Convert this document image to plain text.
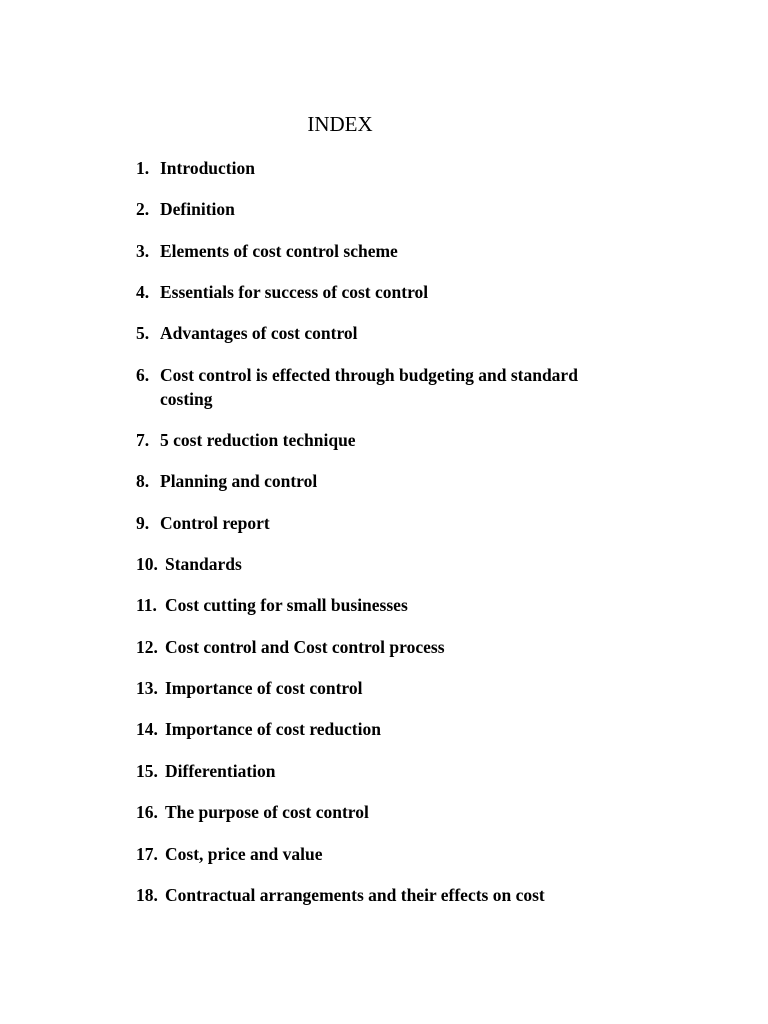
INDEX
1. Introduction
2. Definition
3. Elements of cost control scheme
4. Essentials for success of cost control
5. Advantages of cost control
6. Cost control is effected through budgeting and standard costing
7. 5 cost reduction technique
8. Planning and control
9. Control report
10. Standards
11. Cost cutting for small businesses
12. Cost control and Cost control process
13. Importance of cost control
14. Importance of cost reduction
15. Differentiation
16. The purpose of cost control
17. Cost, price and value
18. Contractual arrangements and their effects on cost
